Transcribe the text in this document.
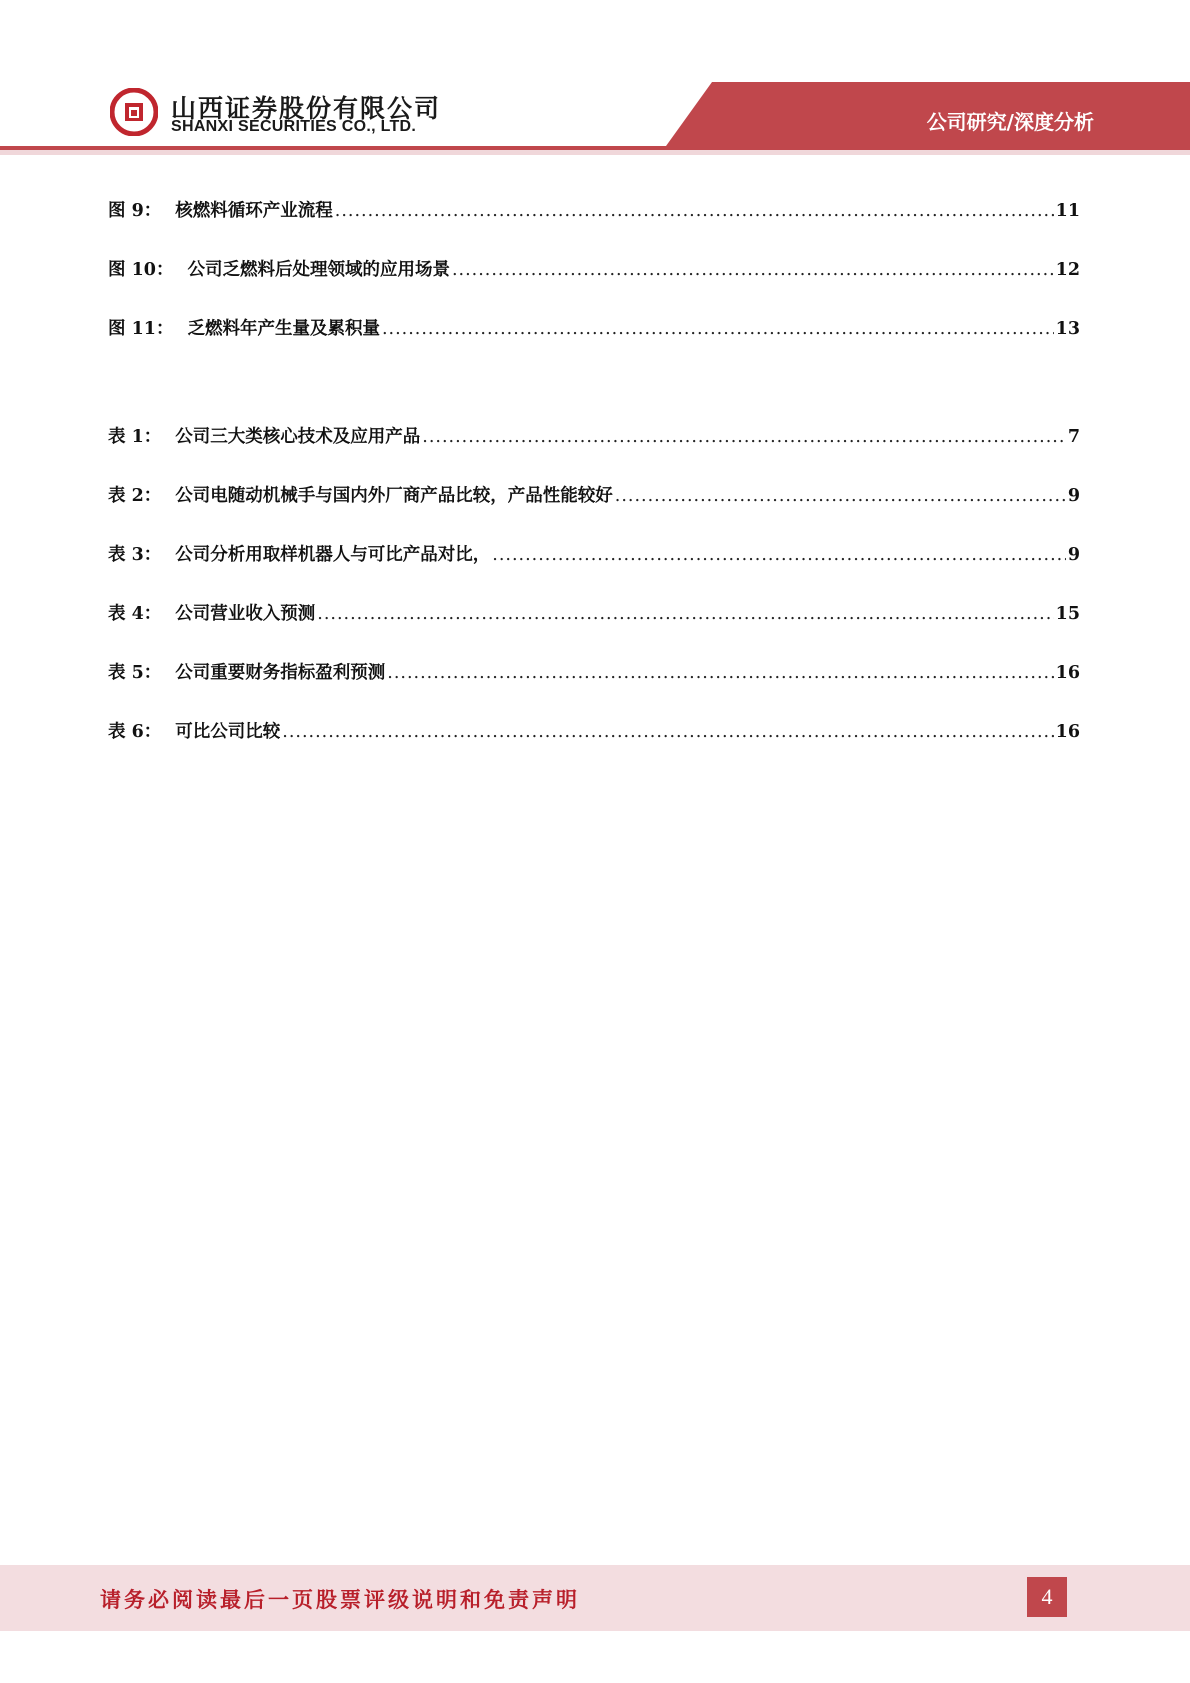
山西证券股份有限公司
SHANXI SECURITIES CO., LTD.	公司研究/深度分析
图 9： 核燃料循环产业流程 .....	11
图 10： 公司乏燃料后处理领域的应用场景 .....	12
图 11： 乏燃料年产生量及累积量 .....	13
表 1： 公司三大类核心技术及应用产品 .....	7
表 2： 公司电随动机械手与国内外厂商产品比较，产品性能较好 .....	9
表 3： 公司分析用取样机器人与可比产品对比， .....	9
表 4： 公司营业收入预测 .....	15
表 5： 公司重要财务指标盈利预测 .....	16
表 6： 可比公司比较 .....	16
请务必阅读最后一页股票评级说明和免责声明	4
